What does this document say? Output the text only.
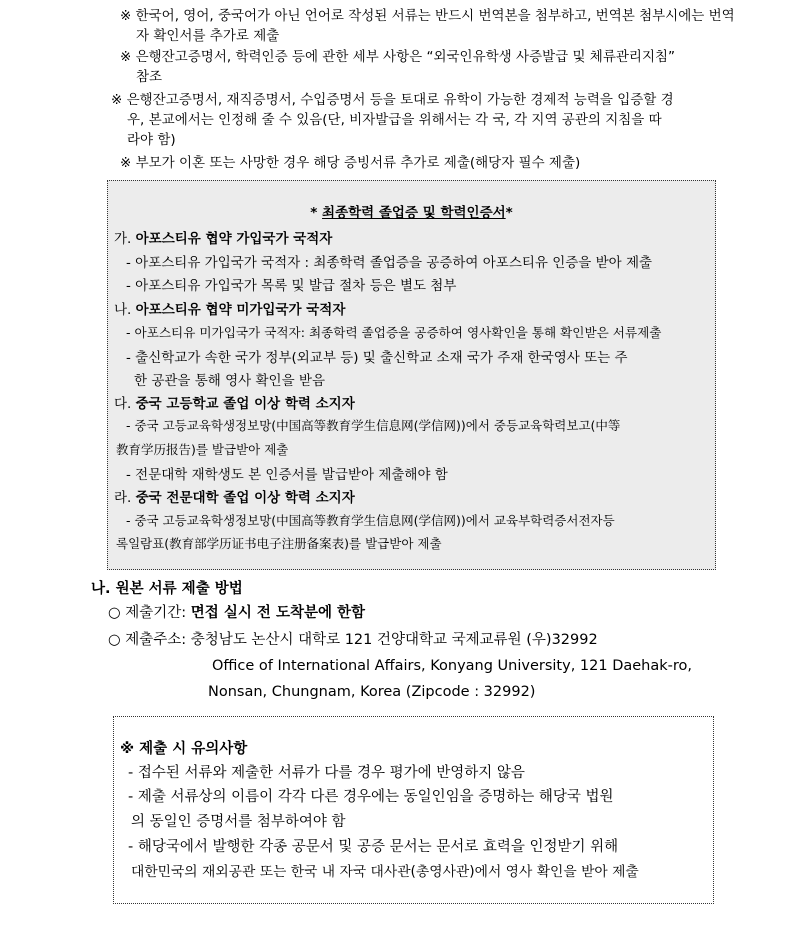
※ 한국어, 영어, 중국어가 아닌 언어로 작성된 서류는 반드시 번역본을 첨부하고, 번역본 첨부시에는 번역
자 확인서를 추가로 제출
※ 은행잔고증명서, 학력인증 등에 관한 세부 사항은 “외국인유학생 사증발급 및 체류관리지침”
참조
※ 은행잔고증명서, 재직증명서, 수입증명서 등을 토대로 유학이 가능한 경제적 능력을 입증할 경
우, 본교에서는 인정해 줄 수 있음(단, 비자발급을 위해서는 각 국, 각 지역 공관의 지침을 따
라야 함)
※ 부모가 이혼 또는 사망한 경우 해당 증빙서류 추가로 제출(해당자 필수 제출)
* 최종학력 졸업증 및 학력인증서*
가. 아포스티유 협약 가입국가 국적자
- 아포스티유 가입국가 국적자 : 최종학력 졸업증을 공증하여 아포스티유 인증을 받아 제출
- 아포스티유 가입국가 목록 및 발급 절차 등은 별도 첨부
나. 아포스티유 협약 미가입국가 국적자
- 아포스티유 미가입국가 국적자: 최종학력 졸업증을 공증하여 영사확인을 통해 확인받은 서류제출
- 출신학교가 속한 국가 정부(외교부 등) 및 출신학교 소재 국가 주재 한국영사 또는 주
한 공관을 통해 영사 확인을 받음
다. 중국 고등학교 졸업 이상 학력 소지자
- 중국 고등교육학생정보망(中国高等教育学生信息网(学信网))에서 중등교육학력보고(中等
教育学历报告)를 발급받아 제출
- 전문대학 재학생도 본 인증서를 발급받아 제출해야 함
라. 중국 전문대학 졸업 이상 학력 소지자
- 중국 고등교육학생정보망(中国高等教育学生信息网(学信网))에서 교육부학력증서전자등
록일람표(教育部学历证书电子注册备案表)를 발급받아 제출
나. 원본 서류 제출 방법
○ 제출기간: 면접 실시 전 도착분에 한함
○ 제출주소: 충청남도 논산시 대학로 121 건양대학교 국제교류원 (우)32992
Office of International Affairs, Konyang University, 121 Daehak-ro,
Nonsan, Chungnam, Korea (Zipcode : 32992)
※ 제출 시 유의사항
- 접수된 서류와 제출한 서류가 다를 경우 평가에 반영하지 않음
- 제출 서류상의 이름이 각각 다른 경우에는 동일인임을 증명하는 해당국 법원
의 동일인 증명서를 첨부하여야 함
- 해당국에서 발행한 각종 공문서 및 공증 문서는 문서로 효력을 인정받기 위해
대한민국의 재외공관 또는 한국 내 자국 대사관(총영사관)에서 영사 확인을 받아 제출
